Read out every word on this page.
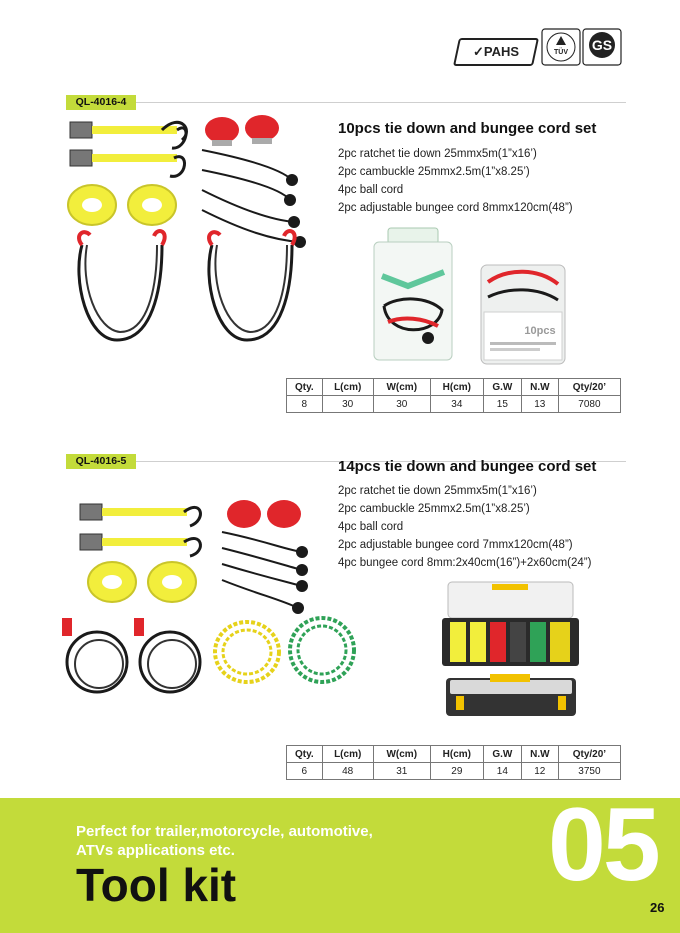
✓PAHS	TÜV GS
QL-4016-4
10pcs tie down and bungee cord set
2pc ratchet tie down 25mmx5m(1”x16’)
2pc cambuckle 25mmx2.5m(1”x8.25’)
4pc ball cord
2pc adjustable bungee cord 8mmx120cm(48”)
10pcs
Qty.	L(cm)	W(cm)	H(cm)	G.W	N.W	Qty/20’
8	30	30	34	15	13	7080
QL-4016-5	14pcs tie down and bungee cord set
2pc ratchet tie down 25mmx5m(1”x16’)
2pc cambuckle 25mmx2.5m(1”x8.25’)
4pc ball cord
2pc adjustable bungee cord 7mmx120cm(48”)
4pc bungee cord 8mm:2x40cm(16”)+2x60cm(24”)
Qty.	L(cm)	W(cm)	H(cm)	G.W	N.W	Qty/20’
6	48	31	29	14	12	3750
Perfect for trailer,motorcycle, automotive,
ATVs applications etc.
Tool kit	05
26
